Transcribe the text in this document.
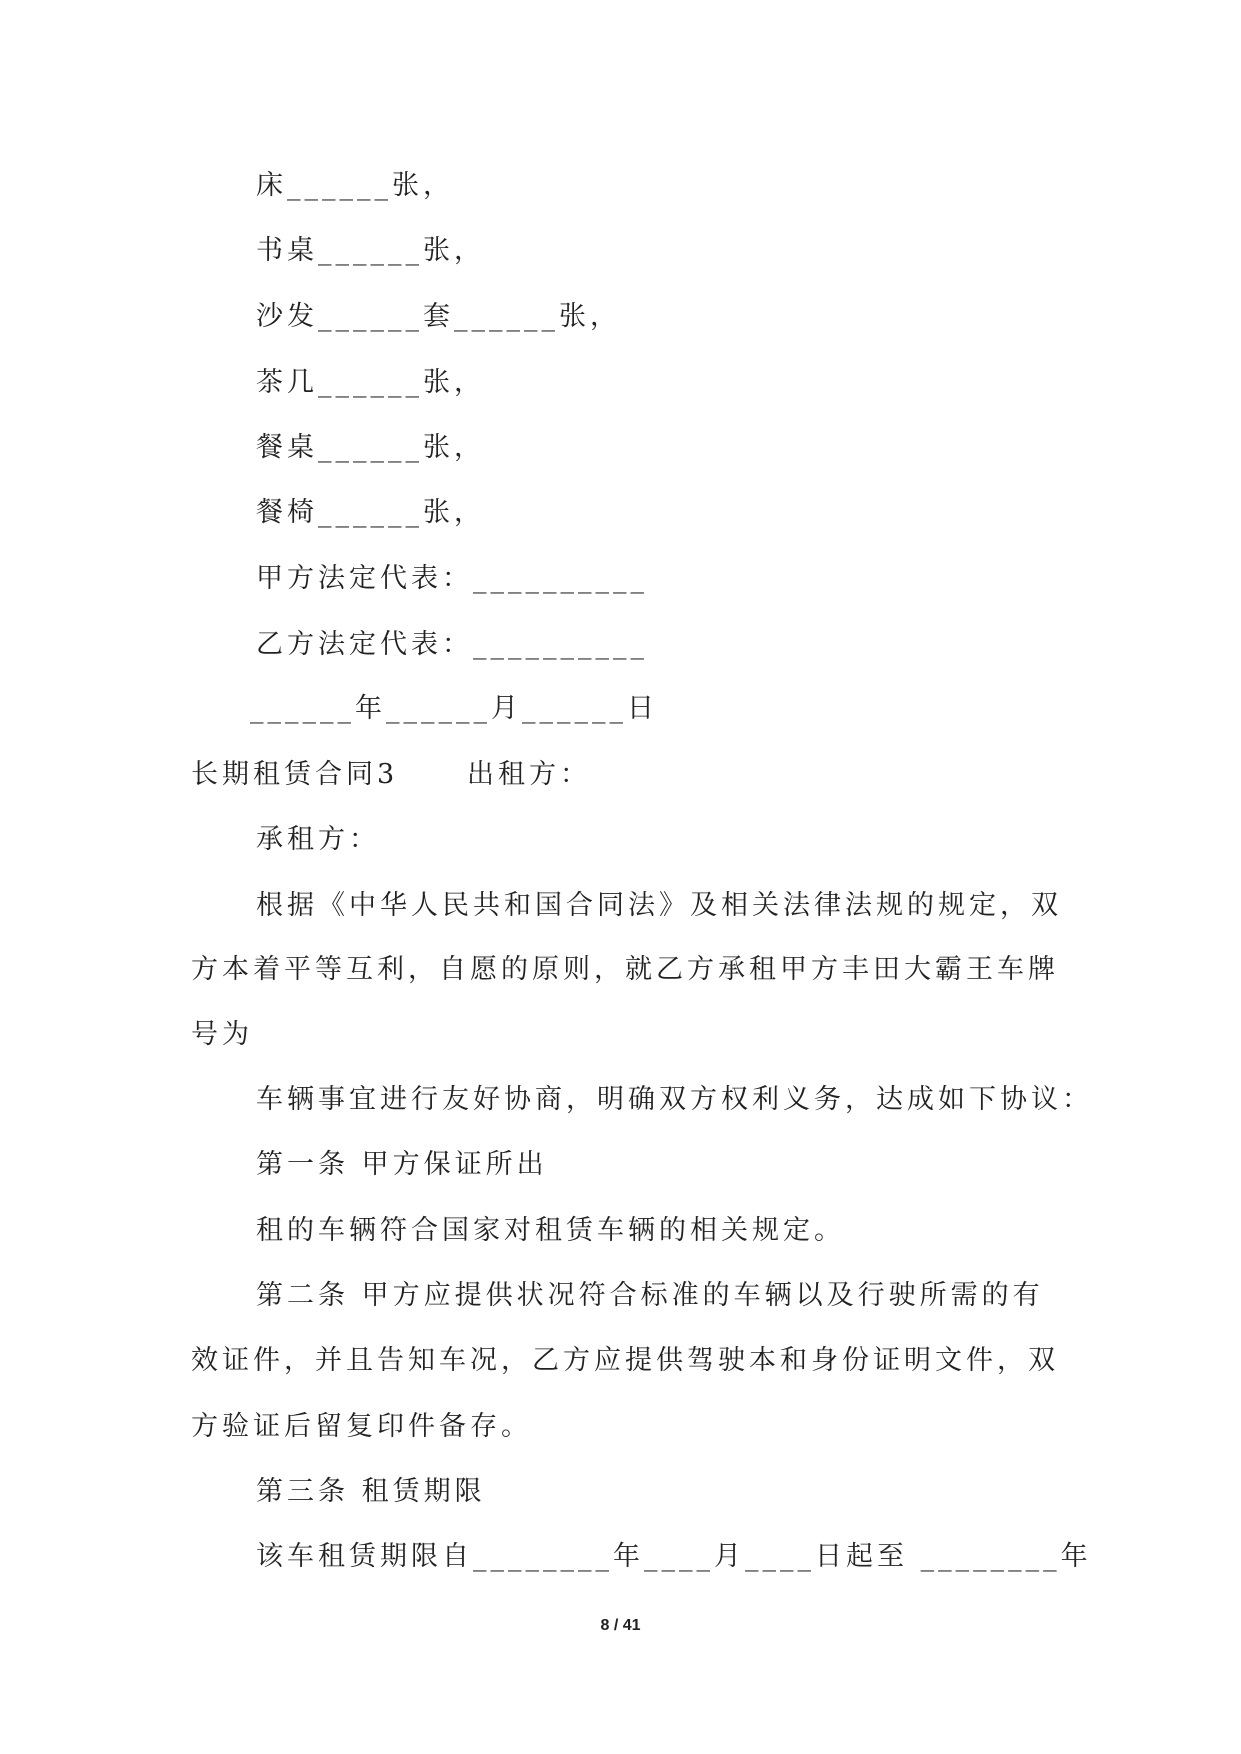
床______张，
书桌______张，
沙发______套______张，
茶几______张，
餐桌______张，
餐椅______张，
甲方法定代表：__________
乙方法定代表：__________
______年______月______日
长期租赁合同3	出租方：
承租方：
根据《中华人民共和国合同法》及相关法律法规的规定，双
方本着平等互利，自愿的原则，就乙方承租甲方丰田大霸王车牌
号为
车辆事宜进行友好协商，明确双方权利义务，达成如下协议：
第一条 甲方保证所出
租的车辆符合国家对租赁车辆的相关规定。
第二条 甲方应提供状况符合标准的车辆以及行驶所需的有
效证件，并且告知车况，乙方应提供驾驶本和身份证明文件，双
方验证后留复印件备存。
第三条 租赁期限
该车租赁期限自________年____月____日起至 ________年
8 / 41
